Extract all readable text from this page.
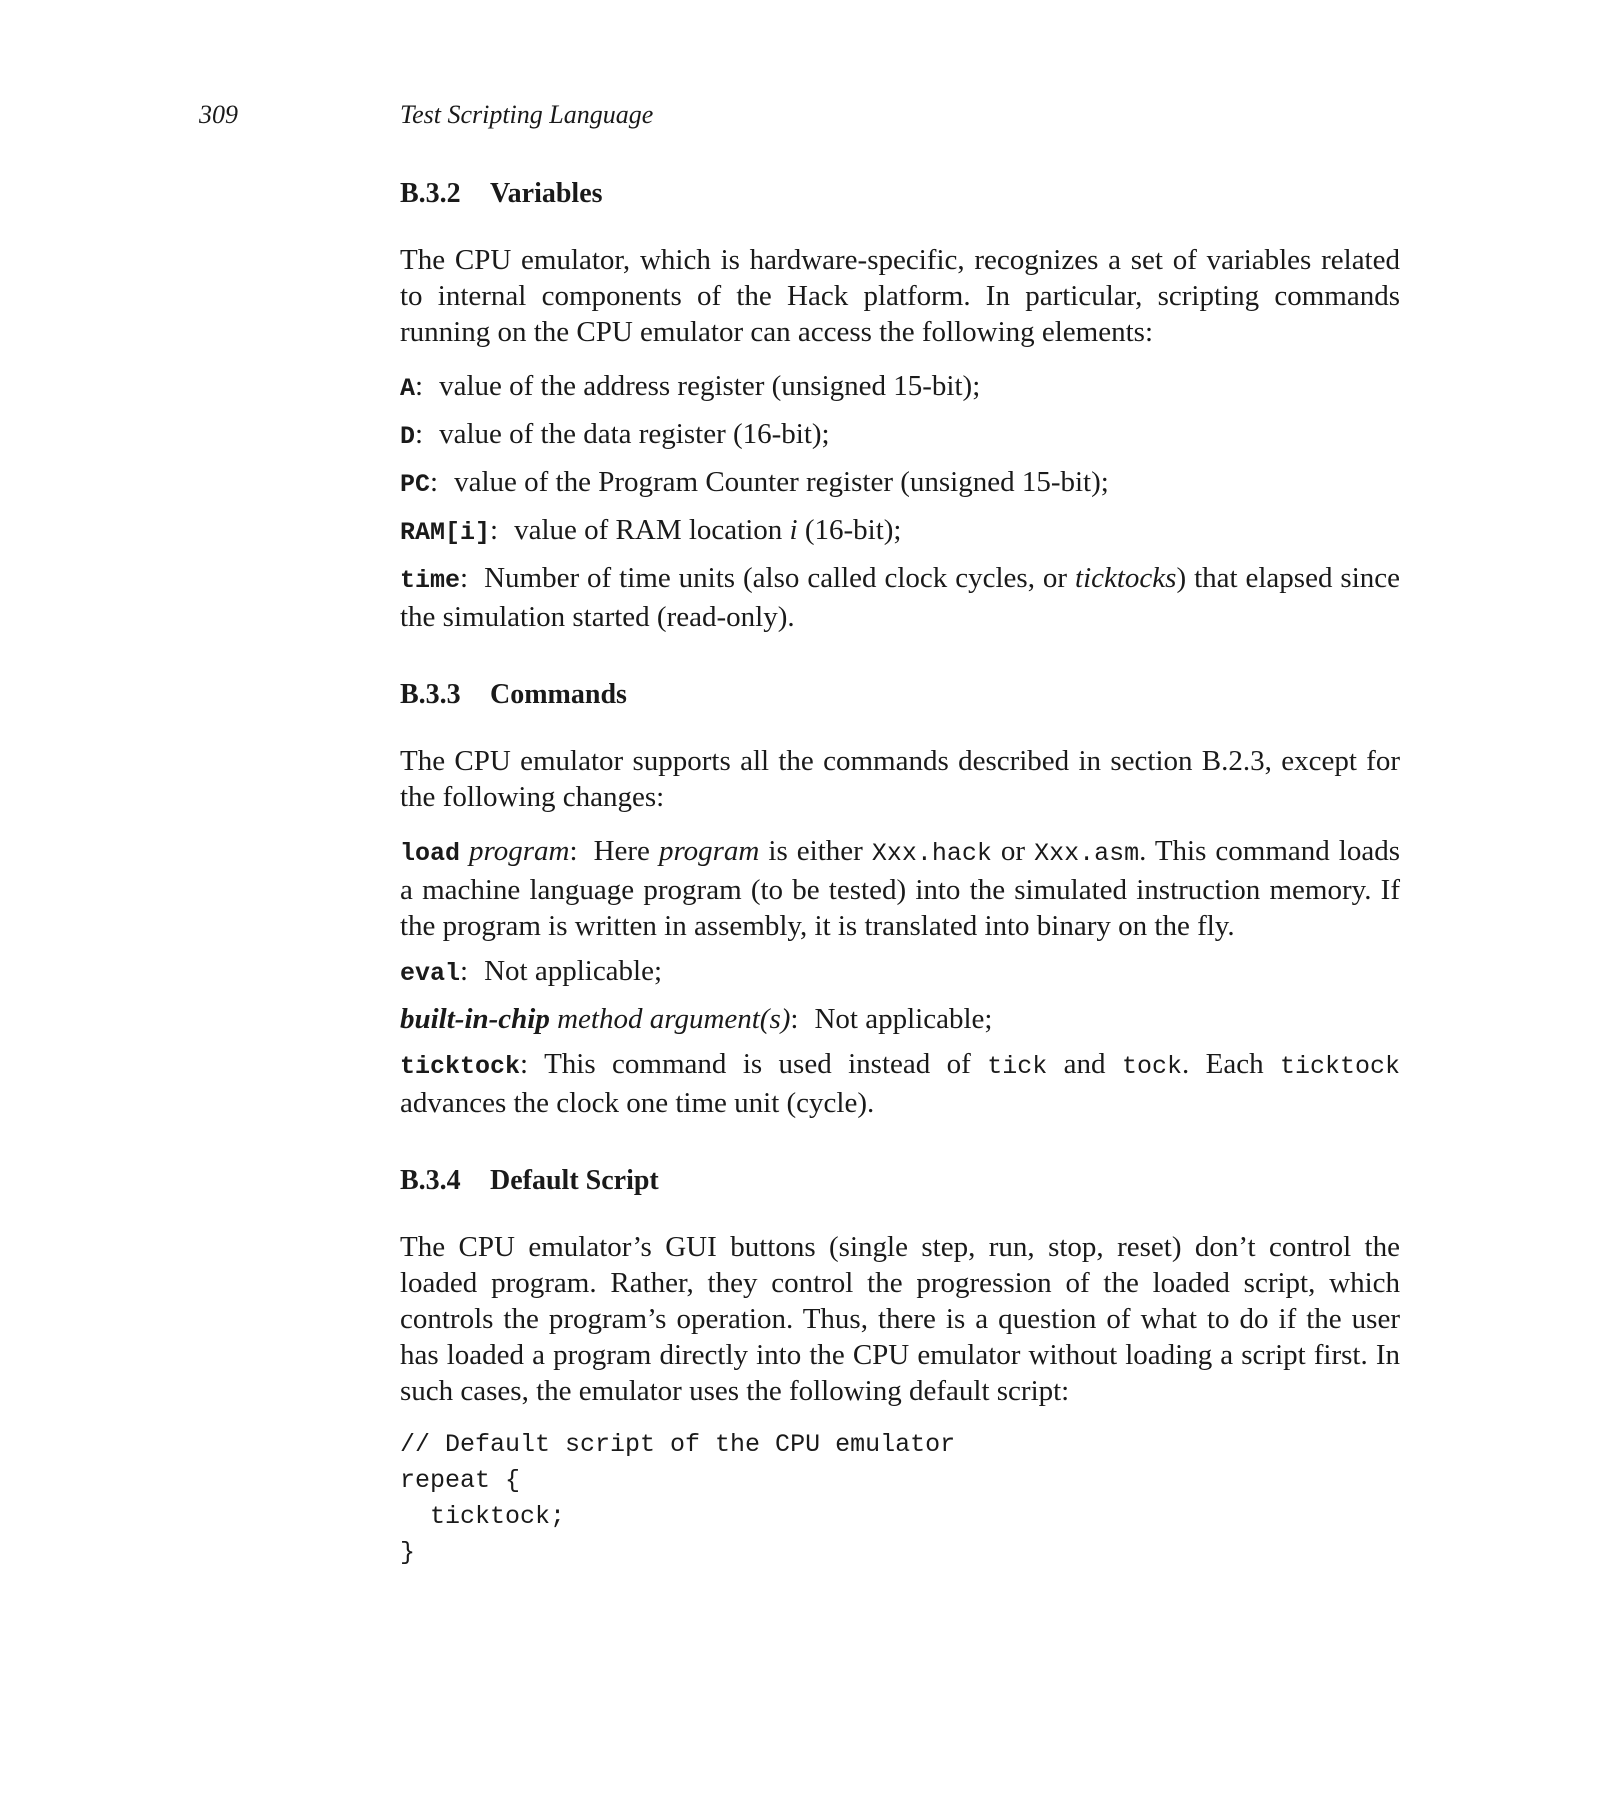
309	Test Scripting Language
B.3.2 Variables

The CPU emulator, which is hardware-specific, recognizes a set of variables related to internal components of the Hack platform. In particular, scripting commands running on the CPU emulator can access the following elements:

A: value of the address register (unsigned 15-bit);

D: value of the data register (16-bit);

PC: value of the Program Counter register (unsigned 15-bit);

RAM[i]: value of RAM location i (16-bit);

time: Number of time units (also called clock cycles, or ticktocks) that elapsed since the simulation started (read-only).

B.3.3 Commands

The CPU emulator supports all the commands described in section B.2.3, except for the following changes:

load program: Here program is either Xxx.hack or Xxx.asm. This command loads a machine language program (to be tested) into the simulated instruction memory. If the program is written in assembly, it is translated into binary on the fly.

eval: Not applicable;

built-in-chip method argument(s): Not applicable;

ticktock: This command is used instead of tick and tock. Each ticktock advances the clock one time unit (cycle).

B.3.4 Default Script

The CPU emulator’s GUI buttons (single step, run, stop, reset) don’t control the loaded program. Rather, they control the progression of the loaded script, which controls the program’s operation. Thus, there is a question of what to do if the user has loaded a program directly into the CPU emulator without loading a script first. In such cases, the emulator uses the following default script:

// Default script of the CPU emulator
repeat {
ticktock;
}
